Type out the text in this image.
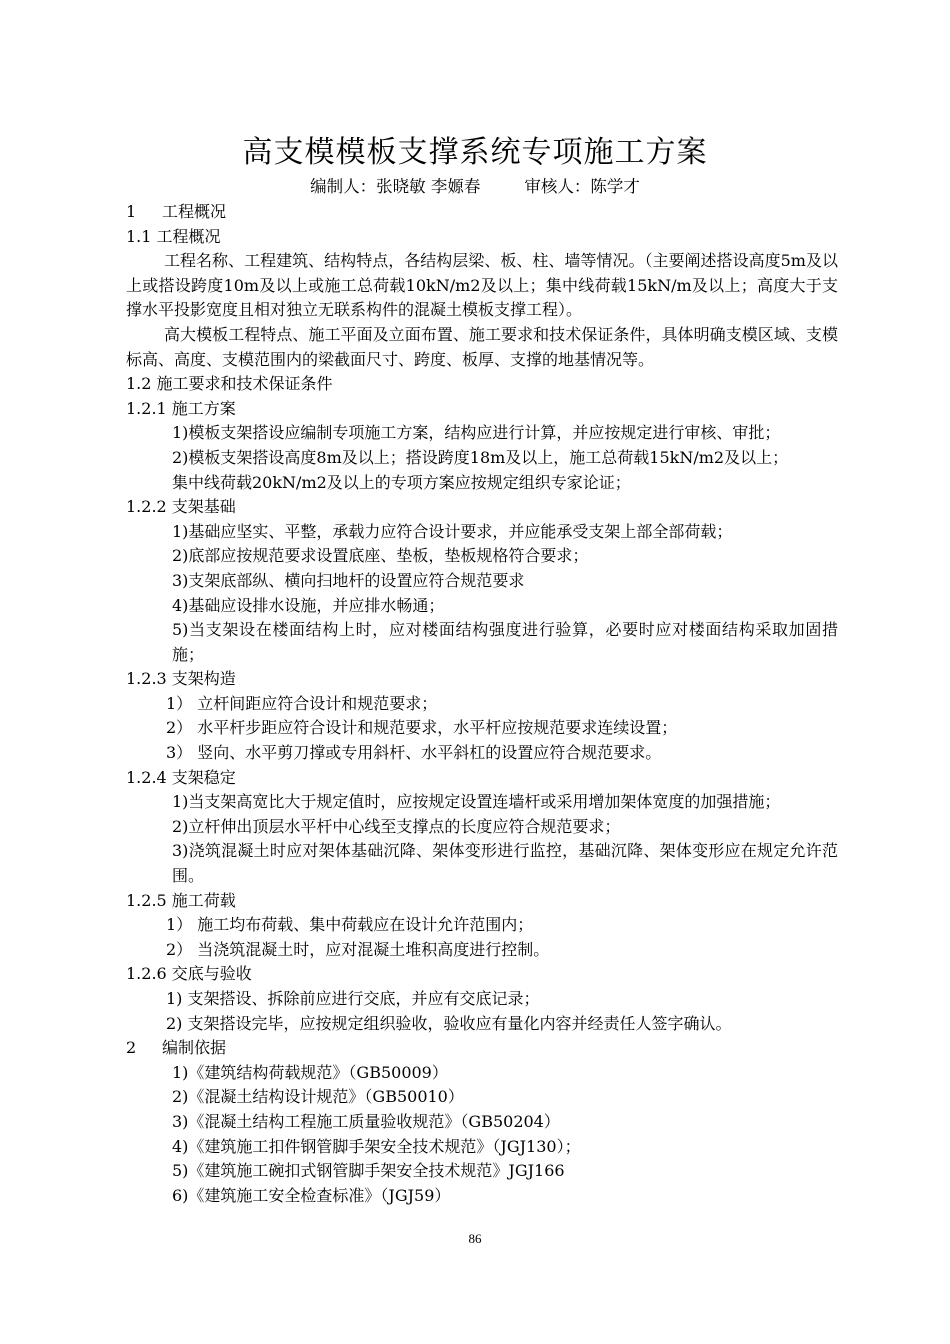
高支模模板支撑系统专项施工方案
编制人：张晓敏 李嫄春	审核人：陈学才

1 工程概况

1.1 工程概况

工程名称、工程建筑、结构特点，各结构层梁、板、柱、墙等情况。（主要阐述搭设高度5m及以上或搭设跨度10m及以上或施工总荷载10kN/m2及以上；集中线荷载15kN/m及以上；高度大于支撑水平投影宽度且相对独立无联系构件的混凝土模板支撑工程）。

高大模板工程特点、施工平面及立面布置、施工要求和技术保证条件，具体明确支模区域、支模标高、高度、支模范围内的梁截面尺寸、跨度、板厚、支撑的地基情况等。

1.2 施工要求和技术保证条件

1.2.1 施工方案

1)模板支架搭设应编制专项施工方案，结构应进行计算，并应按规定进行审核、审批；

2)模板支架搭设高度8m及以上；搭设跨度18m及以上，施工总荷载15kN/m2及以上；

集中线荷载20kN/m2及以上的专项方案应按规定组织专家论证；

1.2.2 支架基础

1)基础应坚实、平整，承载力应符合设计要求，并应能承受支架上部全部荷载；

2)底部应按规范要求设置底座、垫板，垫板规格符合要求；

3)支架底部纵、横向扫地杆的设置应符合规范要求

4)基础应设排水设施，并应排水畅通；

5)当支架设在楼面结构上时，应对楼面结构强度进行验算，必要时应对楼面结构采取加固措施；

1.2.3 支架构造

1） 立杆间距应符合设计和规范要求；

2） 水平杆步距应符合设计和规范要求，水平杆应按规范要求连续设置；

3） 竖向、水平剪刀撑或专用斜杆、水平斜杠的设置应符合规范要求。

1.2.4 支架稳定

1)当支架高宽比大于规定值时，应按规定设置连墙杆或采用增加架体宽度的加强措施；

2)立杆伸出顶层水平杆中心线至支撑点的长度应符合规范要求；

3)浇筑混凝土时应对架体基础沉降、架体变形进行监控，基础沉降、架体变形应在规定允许范围。

1.2.5 施工荷载

1） 施工均布荷载、集中荷载应在设计允许范围内；

2） 当浇筑混凝土时，应对混凝土堆积高度进行控制。

1.2.6 交底与验收

1) 支架搭设、拆除前应进行交底，并应有交底记录；

2) 支架搭设完毕，应按规定组织验收，验收应有量化内容并经责任人签字确认。

2 编制依据

1)《建筑结构荷载规范》（GB50009）

2)《混凝土结构设计规范》（GB50010）

3)《混凝土结构工程施工质量验收规范》（GB50204）

4)《建筑施工扣件钢管脚手架安全技术规范》（JGJ130）；

5)《建筑施工碗扣式钢管脚手架安全技术规范》JGJ166

6)《建筑施工安全检查标准》（JGJ59）

86
